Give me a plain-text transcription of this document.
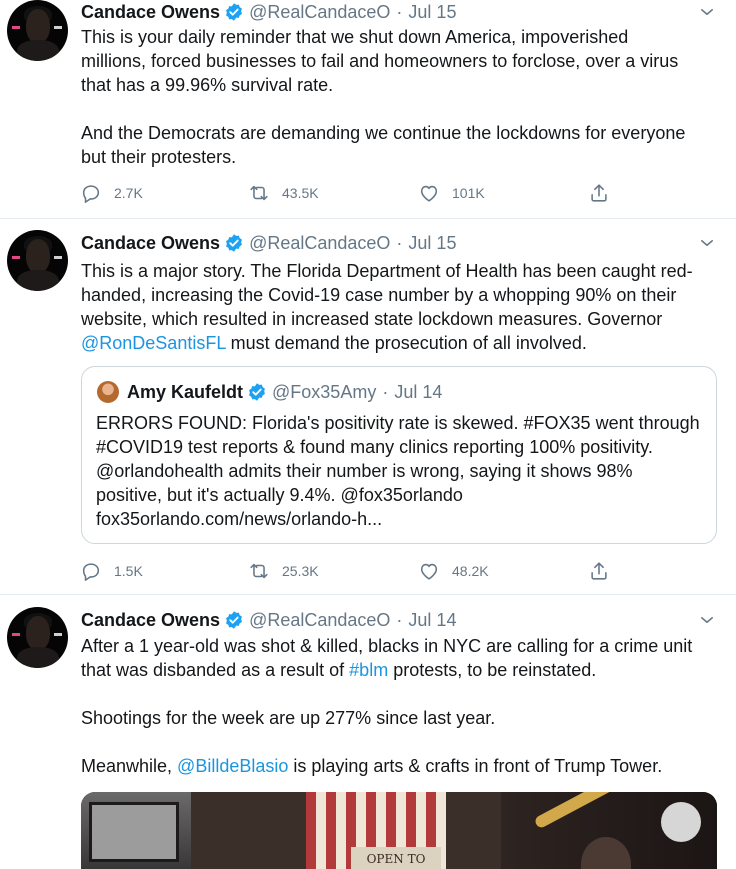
Candace Owens @RealCandaceO · Jul 15
This is your daily reminder that we shut down America, impoverished
millions, forced businesses to fail and homeowners to forclose, over a virus
that has a 99.96% survival rate.
And the Democrats are demanding we continue the lockdowns for everyone
but their protesters.
2.7K	43.5K	101K
Candace Owens @RealCandaceO · Jul 15
This is a major story. The Florida Department of Health has been caught red-
handed, increasing the Covid-19 case number by a whopping 90% on their
website, which resulted in increased state lockdown measures. Governor
@RonDeSantisFL must demand the prosecution of all involved.
Amy Kaufeldt @Fox35Amy · Jul 14
ERRORS FOUND: Florida's positivity rate is skewed. #FOX35 went through
#COVID19 test reports & found many clinics reporting 100% positivity.
@orlandohealth admits their number is wrong, saying it shows 98%
positive, but it's actually 9.4%. @fox35orlando
fox35orlando.com/news/orlando-h...
1.5K	25.3K	48.2K
Candace Owens @RealCandaceO · Jul 14
After a 1 year-old was shot & killed, blacks in NYC are calling for a crime unit
that was disbanded as a result of #blm protests, to be reinstated.
Shootings for the week are up 277% since last year.
Meanwhile, @BilldeBlasio is playing arts & crafts in front of Trump Tower.
OPEN TO
